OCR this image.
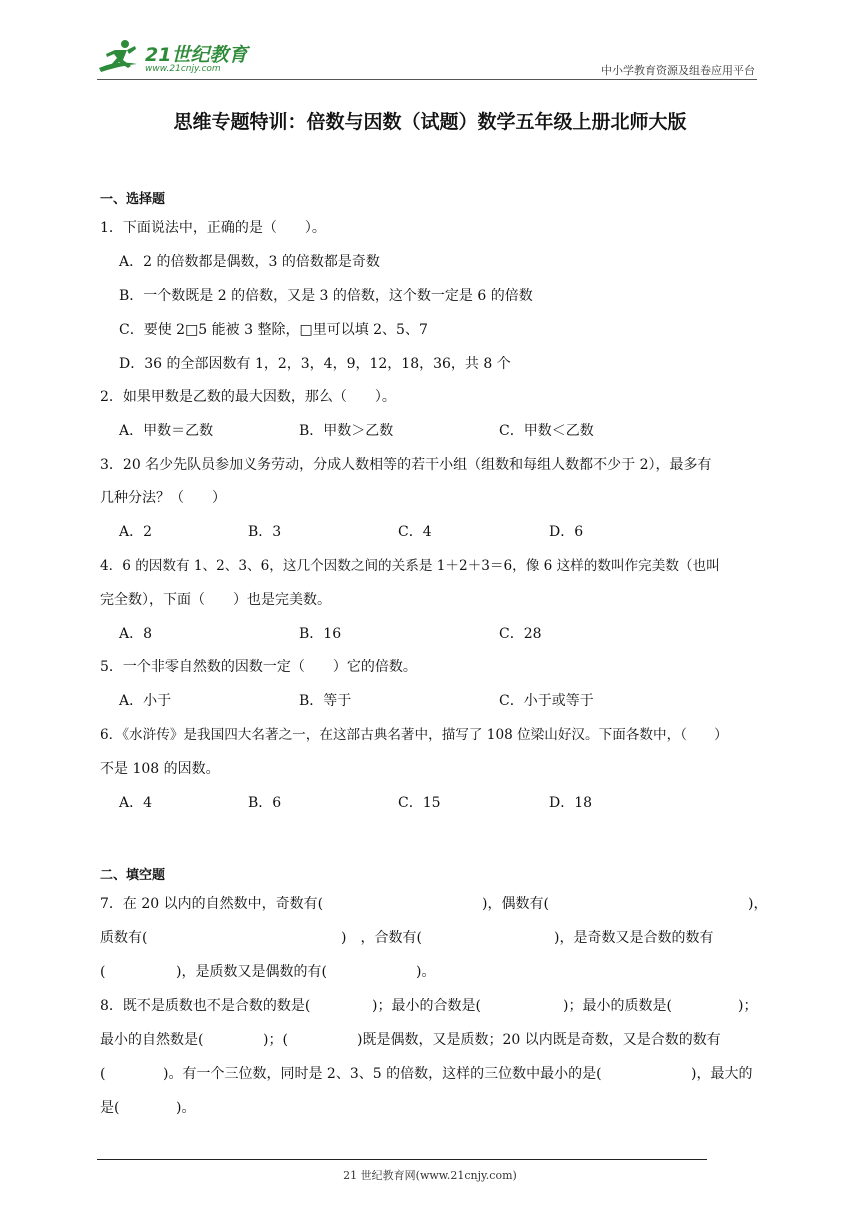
21世纪教育
www.21cnjy.com	中小学教育资源及组卷应用平台
思维专题特训：倍数与因数（试题）数学五年级上册北师大版
一、选择题
1．下面说法中，正确的是（　　）。
A．2 的倍数都是偶数，3 的倍数都是奇数
B．一个数既是 2 的倍数，又是 3 的倍数，这个数一定是 6 的倍数
C．要使 2□5 能被 3 整除，□里可以填 2、5、7
D．36 的全部因数有 1，2，3，4，9，12，18，36，共 8 个
2．如果甲数是乙数的最大因数，那么（　　）。
A．甲数＝乙数	B．甲数＞乙数	C．甲数＜乙数
3．20 名少先队员参加义务劳动，分成人数相等的若干小组（组数和每组人数都不少于 2），最多有
几种分法？（　　）
A．2	B．3	C．4	D．6
4．6 的因数有 1、2、3、6，这几个因数之间的关系是 1＋2＋3＝6，像 6 这样的数叫作完美数（也叫
完全数），下面（　　）也是完美数。
A．8	B．16	C．28
5．一个非零自然数的因数一定（　　）它的倍数。
A．小于	B．等于	C．小于或等于
6．《水浒传》是我国四大名著之一，在这部古典名著中，描写了 108 位梁山好汉。下面各数中，（　　）
不是 108 的因数。
A．4	B．6	C．15	D．18
二、填空题
7．在 20 以内的自然数中，奇数有(	)，偶数有(	)，
质数有(	)　，合数有(	)，是奇数又是合数的数有
(	)，是质数又是偶数的有(	)。
8．既不是质数也不是合数的数是(	)；最小的合数是(	)；最小的质数是(	)；
最小的自然数是(	)；(	)既是偶数，又是质数；20 以内既是奇数，又是合数的数有
(	)。有一个三位数，同时是 2、3、5 的倍数，这样的三位数中最小的是(	)，最大的
是(	)。
21 世纪教育网(www.21cnjy.com)
